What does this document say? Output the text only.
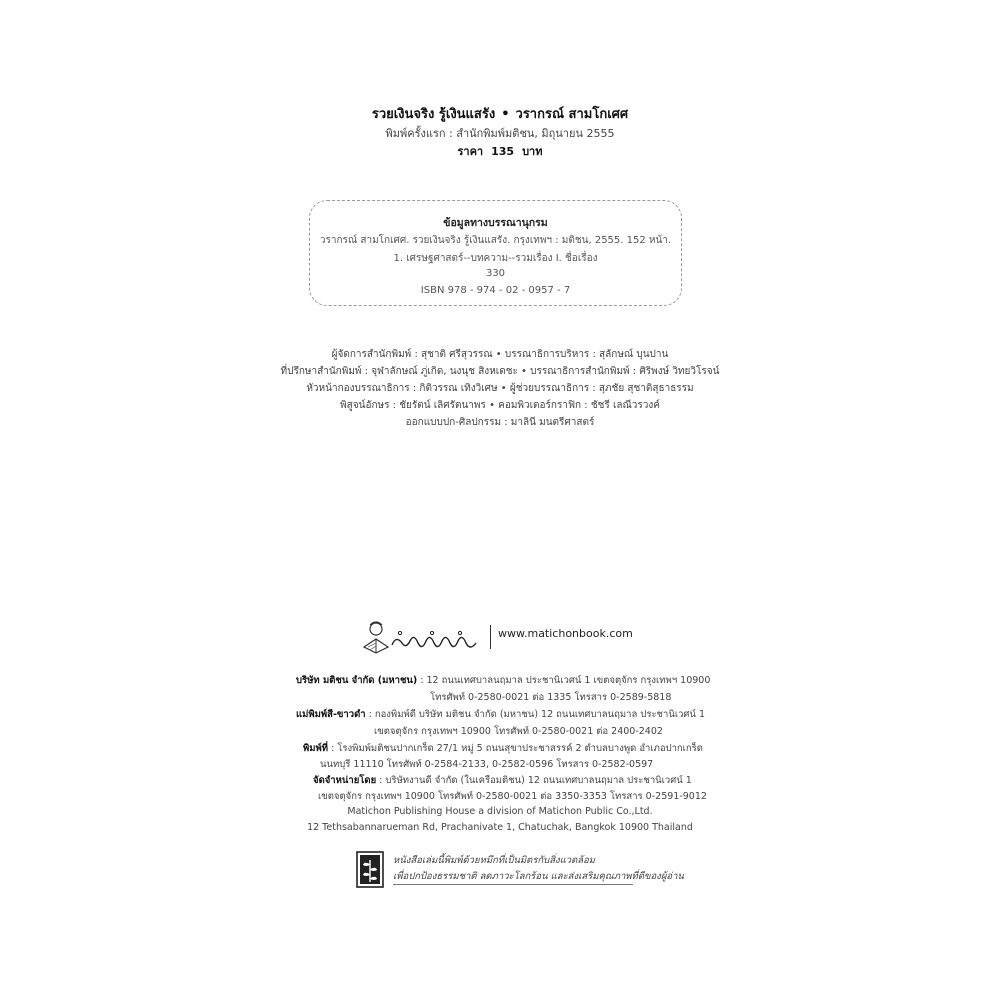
รวยเงินจริง รู้เงินแสรัง • วรากรณ์ สามโกเศศ
พิมพ์ครั้งแรก : สำนักพิมพ์มติชน, มิถุนายน 2555
ราคา 135 บาท
ข้อมูลทางบรรณานุกรม
วรากรณ์ สามโกเศศ. รวยเงินจริง รู้เงินแสรัง. กรุงเทพฯ : มติชน, 2555. 152 หน้า.
1. เศรษฐศาสตร์--บทความ--รวมเรื่อง I. ชื่อเรื่อง
330
ISBN 978 - 974 - 02 - 0957 - 7
ผู้จัดการสำนักพิมพ์ : สุชาติ ศรีสุวรรณ • บรรณาธิการบริหาร : สุลักษณ์ บุนปาน
ที่ปรึกษาสำนักพิมพ์ : จุฬาลักษณ์ ภู่เกิด, นงนุช สิงหเดชะ • บรรณาธิการสำนักพิมพ์ : ศิริพงษ์ วิทยวิโรจน์
หัวหน้ากองบรรณาธิการ : กิติวรรณ เทิงวิเศษ • ผู้ช่วยบรรณาธิการ : สุภชัย สุชาติสุธาธรรม
พิสูจน์อักษร : ชัยรัตน์ เลิศรัตนาพร • คอมพิวเตอร์กราฟิก : ชัชรี เลณีวรวงค์
ออกแบบปก-ศิลปกรรม : มาลินี มนตรีศาสตร์
www.matichonbook.com
บริษัท มติชน จำกัด (มหาชน) : 12 ถนนเทศบาลนฤมาล ประชานิเวศน์ 1 เขตจตุจักร กรุงเทพฯ 10900
โทรศัพท์ 0-2580-0021 ต่อ 1335 โทรสาร 0-2589-5818
แม่พิมพ์สี-ขาวดำ : กองพิมพ์ดี บริษัท มติชน จำกัด (มหาชน) 12 ถนนเทศบาลนฤมาล ประชานิเวศน์ 1
เขตจตุจักร กรุงเทพฯ 10900 โทรศัพท์ 0-2580-0021 ต่อ 2400-2402
พิมพ์ที่ : โรงพิมพ์มติชนปากเกร็ด 27/1 หมู่ 5 ถนนสุขาประชาสรรค์ 2 ตำบลบางพูด อำเภอปากเกร็ด
นนทบุรี 11110 โทรศัพท์ 0-2584-2133, 0-2582-0596 โทรสาร 0-2582-0597
จัดจำหน่ายโดย : บริษัทงานดี จำกัด (ในเครือมติชน) 12 ถนนเทศบาลนฤมาล ประชานิเวศน์ 1
เขตจตุจักร กรุงเทพฯ 10900 โทรศัพท์ 0-2580-0021 ต่อ 3350-3353 โทรสาร 0-2591-9012
Matichon Publishing House a division of Matichon Public Co.,Ltd.
12 Tethsabannarueman Rd, Prachanivate 1, Chatuchak, Bangkok 10900 Thailand
หนังสือเล่มนี้พิมพ์ด้วยหมึกที่เป็นมิตรกับสิ่งแวดล้อม
เพื่อปกป้องธรรมชาติ ลดภาวะโลกร้อน และส่งเสริมคุณภาพที่ดีของผู้อ่าน
